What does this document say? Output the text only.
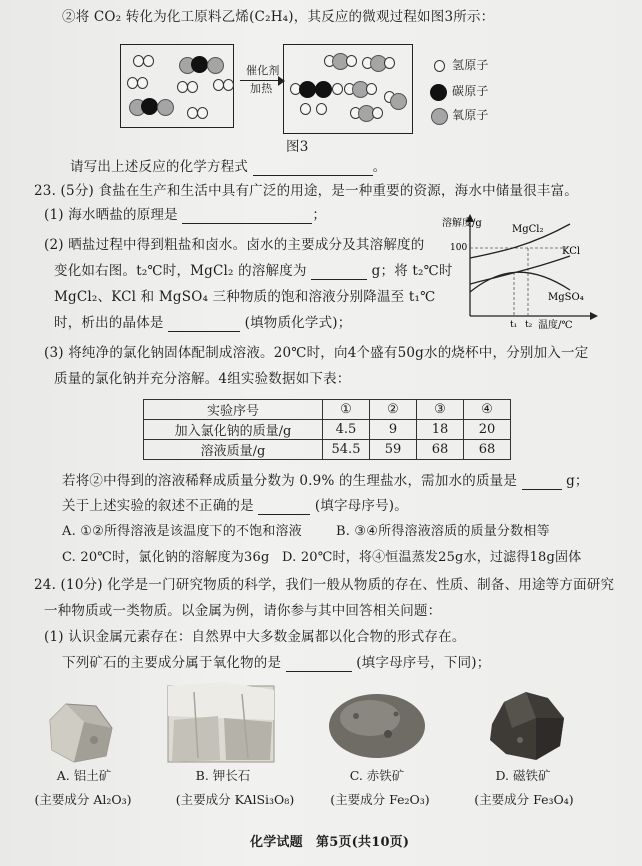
②将 CO₂ 转化为化工原料乙烯(C₂H₄)，其反应的微观过程如图3所示：
催化剂
加热
氢原子
碳原子
氧原子
图3
请写出上述反应的化学方程式	。
23. (5分) 食盐在生产和生活中具有广泛的用途，是一种重要的资源，海水中储量很丰富。
(1) 海水晒盐的原理是	；
(2) 晒盐过程中得到粗盐和卤水。卤水的主要成分及其溶解度的
变化如右图。t₂℃时，MgCl₂ 的溶解度为	g；将 t₂℃时
MgCl₂、KCl 和 MgSO₄ 三种物质的饱和溶液分别降温至 t₁℃
时，析出的晶体是	(填物质化学式)；
溶解度/g
100
MgCl₂
KCl
MgSO₄
t₁ t₂ 温度/℃
(3) 将纯净的氯化钠固体配制成溶液。20℃时，向4个盛有50g水的烧杯中，分别加入一定
质量的氯化钠并充分溶解。4组实验数据如下表：
实验序号	①	②	③	④
加入氯化钠的质量/g	4.5	9	18	20
溶液质量/g	54.5	59	68	68
若将②中得到的溶液稀释成质量分数为 0.9% 的生理盐水，需加水的质量是	g；
关于上述实验的叙述不正确的是	(填字母序号)。
A. ①②所得溶液是该温度下的不饱和溶液	B. ③④所得溶液溶质的质量分数相等
C. 20℃时，氯化钠的溶解度为36g D. 20℃时，将④恒温蒸发25g水，过滤得18g固体
24. (10分) 化学是一门研究物质的科学，我们一般从物质的存在、性质、制备、用途等方面研究
一种物质或一类物质。以金属为例，请你参与其中回答相关问题：
(1) 认识金属元素存在：自然界中大多数金属都以化合物的形式存在。
下列矿石的主要成分属于氧化物的是	(填字母序号，下同)；
A. 铝土矿
(主要成分 Al₂O₃)
B. 钾长石
(主要成分 KAlSi₃O₈)
C. 赤铁矿
(主要成分 Fe₂O₃)
D. 磁铁矿
(主要成分 Fe₃O₄)
化学试题　第5页(共10页)
